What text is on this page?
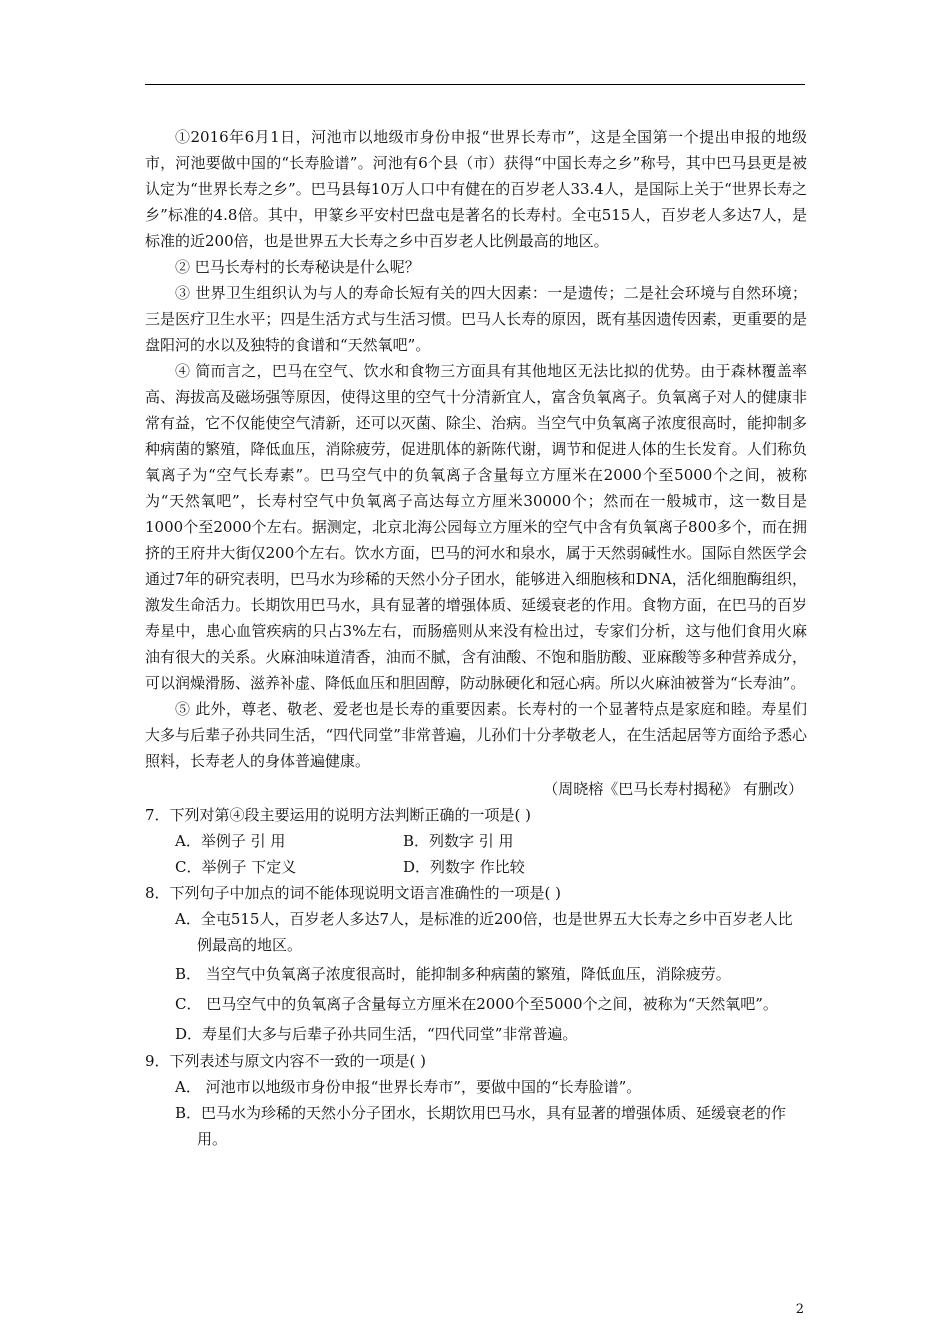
①2016年6月1日，河池市以地级市身份申报“世界长寿市”，这是全国第一个提出申报的地级市，河池要做中国的“长寿脸谱”。河池有6个县（市）获得“中国长寿之乡”称号，其中巴马县更是被认定为“世界长寿之乡”。巴马县每10万人口中有健在的百岁老人33.4人，是国际上关于“世界长寿之乡”标准的4.8倍。其中，甲篆乡平安村巴盘屯是著名的长寿村。全屯515人，百岁老人多达7人，是标准的近200倍，也是世界五大长寿之乡中百岁老人比例最高的地区。

② 巴马长寿村的长寿秘诀是什么呢？

③ 世界卫生组织认为与人的寿命长短有关的四大因素：一是遗传；二是社会环境与自然环境；三是医疗卫生水平；四是生活方式与生活习惯。巴马人长寿的原因，既有基因遗传因素，更重要的是盘阳河的水以及独特的食谱和“天然氧吧”。

④ 简而言之，巴马在空气、饮水和食物三方面具有其他地区无法比拟的优势。由于森林覆盖率高、海拔高及磁场强等原因，使得这里的空气十分清新宜人，富含负氧离子。负氧离子对人的健康非常有益，它不仅能使空气清新，还可以灭菌、除尘、治病。当空气中负氧离子浓度很高时，能抑制多种病菌的繁殖，降低血压，消除疲劳，促进肌体的新陈代谢，调节和促进人体的生长发育。人们称负氧离子为“空气长寿素”。巴马空气中的负氧离子含量每立方厘米在2000个至5000个之间，被称为“天然氧吧”，长寿村空气中负氧离子高达每立方厘米30000个；然而在一般城市，这一数目是1000个至2000个左右。据测定，北京北海公园每立方厘米的空气中含有负氧离子800多个，而在拥挤的王府井大街仅200个左右。饮水方面，巴马的河水和泉水，属于天然弱碱性水。国际自然医学会通过7年的研究表明，巴马水为珍稀的天然小分子团水，能够进入细胞核和DNA，活化细胞酶组织，激发生命活力。长期饮用巴马水，具有显著的增强体质、延缓衰老的作用。食物方面，在巴马的百岁寿星中，患心血管疾病的只占3%左右，而肠癌则从来没有检出过，专家们分析，这与他们食用火麻油有很大的关系。火麻油味道清香，油而不腻，含有油酸、不饱和脂肪酸、亚麻酸等多种营养成分，可以润燥滑肠、滋养补虚、降低血压和胆固醇，防动脉硬化和冠心病。所以火麻油被誉为“长寿油”。

⑤ 此外，尊老、敬老、爱老也是长寿的重要因素。长寿村的一个显著特点是家庭和睦。寿星们大多与后辈子孙共同生活，“四代同堂”非常普遍，儿孙们十分孝敬老人，在生活起居等方面给予悉心照料，长寿老人的身体普遍健康。

（周晓榕《巴马长寿村揭秘》 有删改）

7．下列对第④段主要运用的说明方法判断正确的一项是( )

A．举例子 引 用	B．列数字 引 用
C．举例子 下定义	D．列数字 作比较

8．下列句子中加点的词不能体现说明文语言准确性的一项是( )

A．全屯515人，百岁老人多达7人，是标准的近200倍，也是世界五大长寿之乡中百岁老人比例最高的地区。

B． 当空气中负氧离子浓度很高时，能抑制多种病菌的繁殖，降低血压，消除疲劳。

C． 巴马空气中的负氧离子含量每立方厘米在2000个至5000个之间，被称为“天然氧吧”。

D．寿星们大多与后辈子孙共同生活，“四代同堂”非常普遍。

9．下列表述与原文内容不一致的一项是( )

A． 河池市以地级市身份申报“世界长寿市”，要做中国的“长寿脸谱”。

B．巴马水为珍稀的天然小分子团水，长期饮用巴马水，具有显著的增强体质、延缓衰老的作用。

2
